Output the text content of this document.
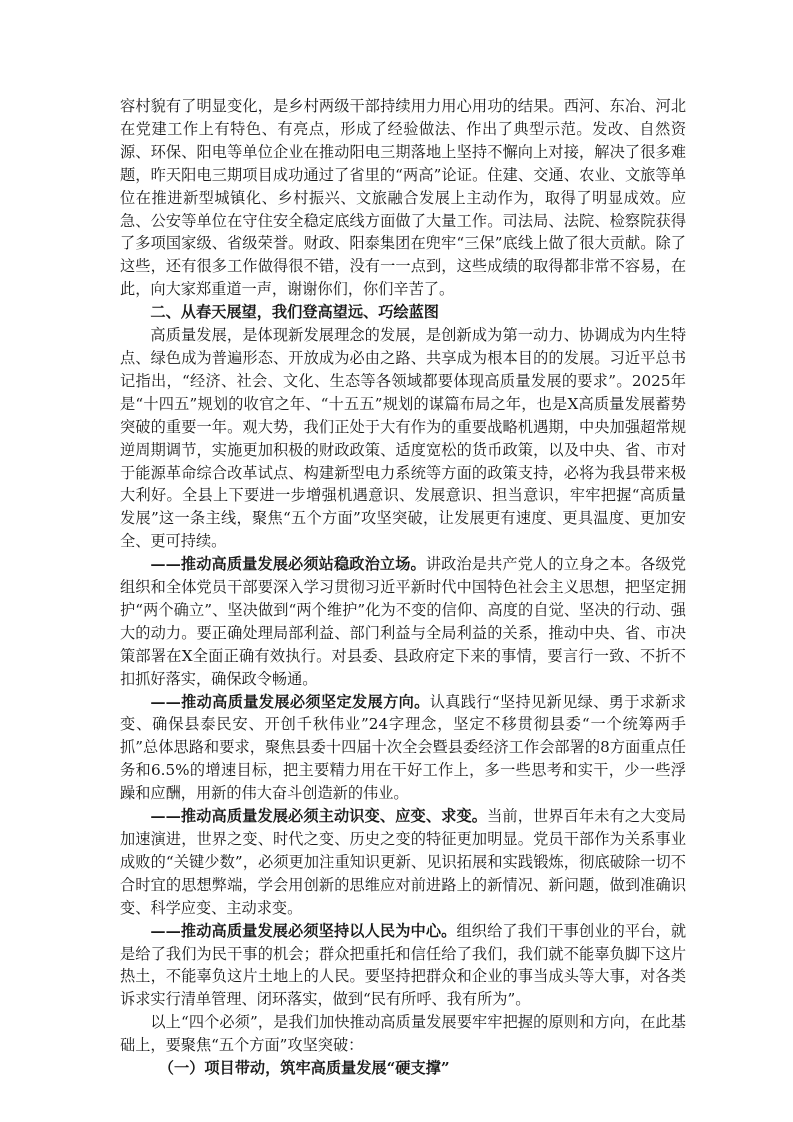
容村貌有了明显变化，是乡村两级干部持续用力用心用功的结果。西河、东冶、河北在党建工作上有特色、有亮点，形成了经验做法、作出了典型示范。发改、自然资源、环保、阳电等单位企业在推动阳电三期落地上坚持不懈向上对接，解决了很多难题，昨天阳电三期项目成功通过了省里的“两高”论证。住建、交通、农业、文旅等单位在推进新型城镇化、乡村振兴、文旅融合发展上主动作为，取得了明显成效。应急、公安等单位在守住安全稳定底线方面做了大量工作。司法局、法院、检察院获得了多项国家级、省级荣誉。财政、阳泰集团在兜牢“三保”底线上做了很大贡献。除了这些，还有很多工作做得很不错，没有一一点到，这些成绩的取得都非常不容易，在此，向大家郑重道一声，谢谢你们，你们辛苦了。

二、从春天展望，我们登高望远、巧绘蓝图

高质量发展，是体现新发展理念的发展，是创新成为第一动力、协调成为内生特点、绿色成为普遍形态、开放成为必由之路、共享成为根本目的的发展。习近平总书记指出，“经济、社会、文化、生态等各领域都要体现高质量发展的要求”。2025年是“十四五”规划的收官之年、“十五五”规划的谋篇布局之年，也是X高质量发展蓄势突破的重要一年。观大势，我们正处于大有作为的重要战略机遇期，中央加强超常规逆周期调节，实施更加积极的财政政策、适度宽松的货币政策，以及中央、省、市对于能源革命综合改革试点、构建新型电力系统等方面的政策支持，必将为我县带来极大利好。全县上下要进一步增强机遇意识、发展意识、担当意识，牢牢把握“高质量发展”这一条主线，聚焦“五个方面”攻坚突破，让发展更有速度、更具温度、更加安全、更可持续。

——推动高质量发展必须站稳政治立场。讲政治是共产党人的立身之本。各级党组织和全体党员干部要深入学习贯彻习近平新时代中国特色社会主义思想，把坚定拥护“两个确立”、坚决做到“两个维护”化为不变的信仰、高度的自觉、坚决的行动、强大的动力。要正确处理局部利益、部门利益与全局利益的关系，推动中央、省、市决策部署在X全面正确有效执行。对县委、县政府定下来的事情，要言行一致、不折不扣抓好落实，确保政令畅通。

——推动高质量发展必须坚定发展方向。认真践行“坚持见新见绿、勇于求新求变、确保县泰民安、开创千秋伟业”24字理念，坚定不移贯彻县委“一个统筹两手抓”总体思路和要求，聚焦县委十四届十次全会暨县委经济工作会部署的8方面重点任务和6.5%的增速目标，把主要精力用在干好工作上，多一些思考和实干，少一些浮躁和应酬，用新的伟大奋斗创造新的伟业。

——推动高质量发展必须主动识变、应变、求变。当前，世界百年未有之大变局加速演进，世界之变、时代之变、历史之变的特征更加明显。党员干部作为关系事业成败的“关键少数”，必须更加注重知识更新、见识拓展和实践锻炼，彻底破除一切不合时宜的思想弊端，学会用创新的思维应对前进路上的新情况、新问题，做到准确识变、科学应变、主动求变。

——推动高质量发展必须坚持以人民为中心。组织给了我们干事创业的平台，就是给了我们为民干事的机会；群众把重托和信任给了我们，我们就不能辜负脚下这片热土，不能辜负这片土地上的人民。要坚持把群众和企业的事当成头等大事，对各类诉求实行清单管理、闭环落实，做到“民有所呼、我有所为”。

以上“四个必须”，是我们加快推动高质量发展要牢牢把握的原则和方向，在此基础上，要聚焦“五个方面”攻坚突破：

（一）项目带动，筑牢高质量发展“硬支撑”
